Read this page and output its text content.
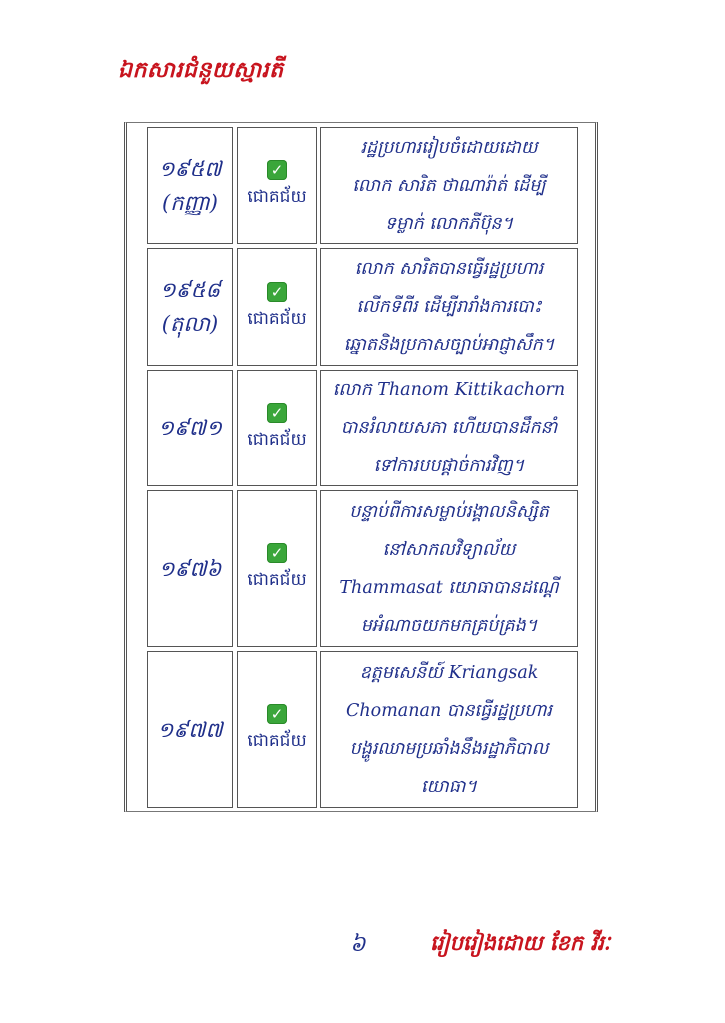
ឯកសារជំនួយស្មារតី
១៩៥៧
(កញ្ញា)
✓
ជោគជ័យ
រដ្ឋប្រហាររៀបចំដោយដោយ
លោក សារិត ថាណារ៉ាត់ ដើម្បី
ទម្លាក់ លោកភីប៊ុន។
១៩៥៨
(តុលា)
✓
ជោគជ័យ
លោក សារិតបានធ្វើរដ្ឋប្រហារ
លើកទីពីរ ដើម្បីរារាំងការបោះ
ឆ្នោតនិងប្រកាសច្បាប់អាជ្ញាសឹក។
១៩៧១
✓
ជោគជ័យ
លោក Thanom Kittikachorn
បានរំលាយសភា ហើយបានដឹកនាំ
ទៅការបបផ្តាច់ការវិញ។
១៩៧៦
✓
ជោគជ័យ
បន្ទាប់ពីការសម្លាប់រង្គាលនិស្សិត
នៅសាកលវិទ្យាល័យ
Thammasat យោធាបានដណ្តើ
មអំណាចយកមកគ្រប់គ្រង។
១៩៧៧
✓
ជោគជ័យ
ឧត្តមសេនីយ៍ Kriangsak
Chomanan បានធ្វើរដ្ឋប្រហារ
បង្ហូរឈាមប្រឆាំងនឹងរដ្ឋាភិបាល
យោធា។
៦	រៀបរៀងដោយ ខែក វីរៈ
